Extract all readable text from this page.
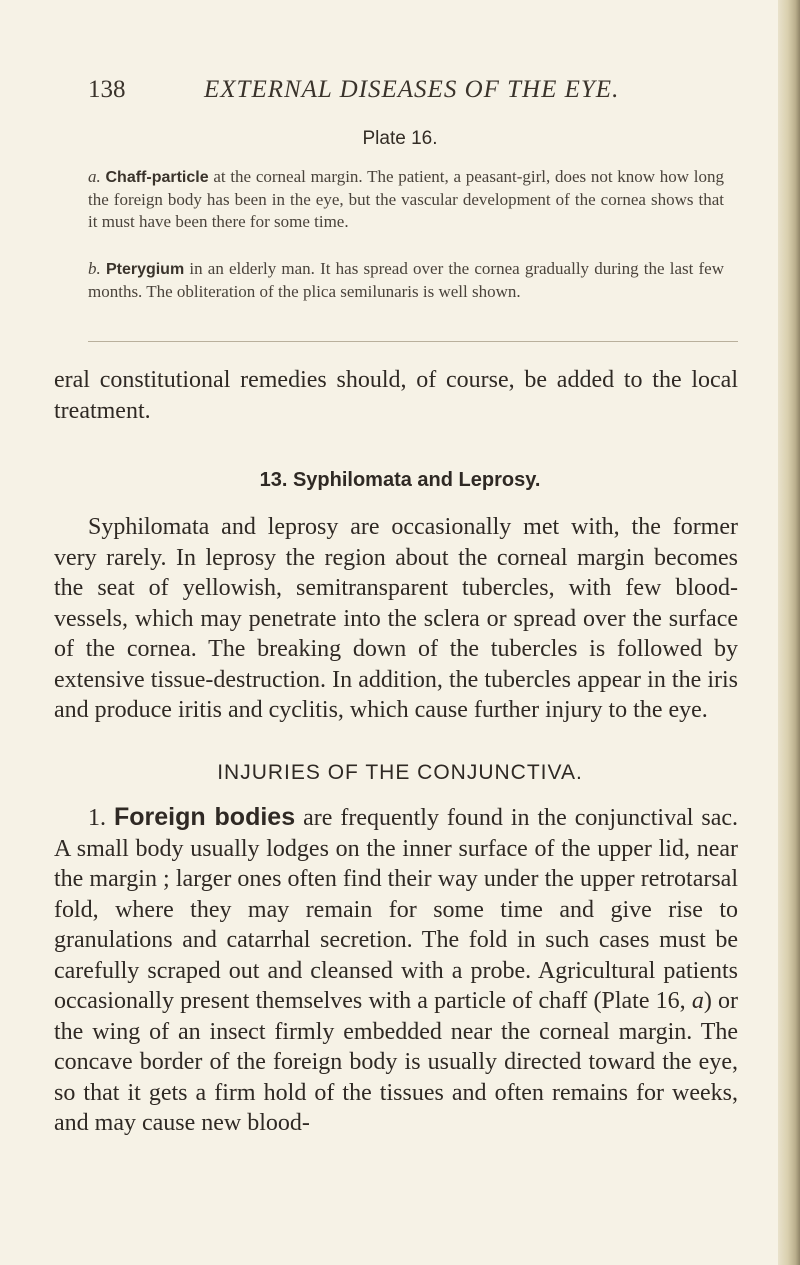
138	EXTERNAL DISEASES OF THE EYE.
Plate 16.
a. Chaff-particle at the corneal margin. The patient, a peasant-girl, does not know how long the foreign body has been in the eye, but the vascular development of the cornea shows that it must have been there for some time.
b. Pterygium in an elderly man. It has spread over the cornea gradually during the last few months. The obliteration of the plica semilunaris is well shown.

eral constitutional remedies should, of course, be added to the local treatment.

13. Syphilomata and Leprosy.

Syphilomata and leprosy are occasionally met with, the former very rarely. In leprosy the region about the corneal margin becomes the seat of yellowish, semitransparent tubercles, with few blood-vessels, which may penetrate into the sclera or spread over the surface of the cornea. The breaking down of the tubercles is followed by extensive tissue-destruction. In addition, the tubercles appear in the iris and produce iritis and cyclitis, which cause further injury to the eye.

INJURIES OF THE CONJUNCTIVA.

1. Foreign bodies are frequently found in the conjunctival sac. A small body usually lodges on the inner surface of the upper lid, near the margin ; larger ones often find their way under the upper retrotarsal fold, where they may remain for some time and give rise to granulations and catarrhal secretion. The fold in such cases must be carefully scraped out and cleansed with a probe. Agricultural patients occasionally present themselves with a particle of chaff (Plate 16, a) or the wing of an insect firmly embedded near the corneal margin. The concave border of the foreign body is usually directed toward the eye, so that it gets a firm hold of the tissues and often remains for weeks, and may cause new blood-
